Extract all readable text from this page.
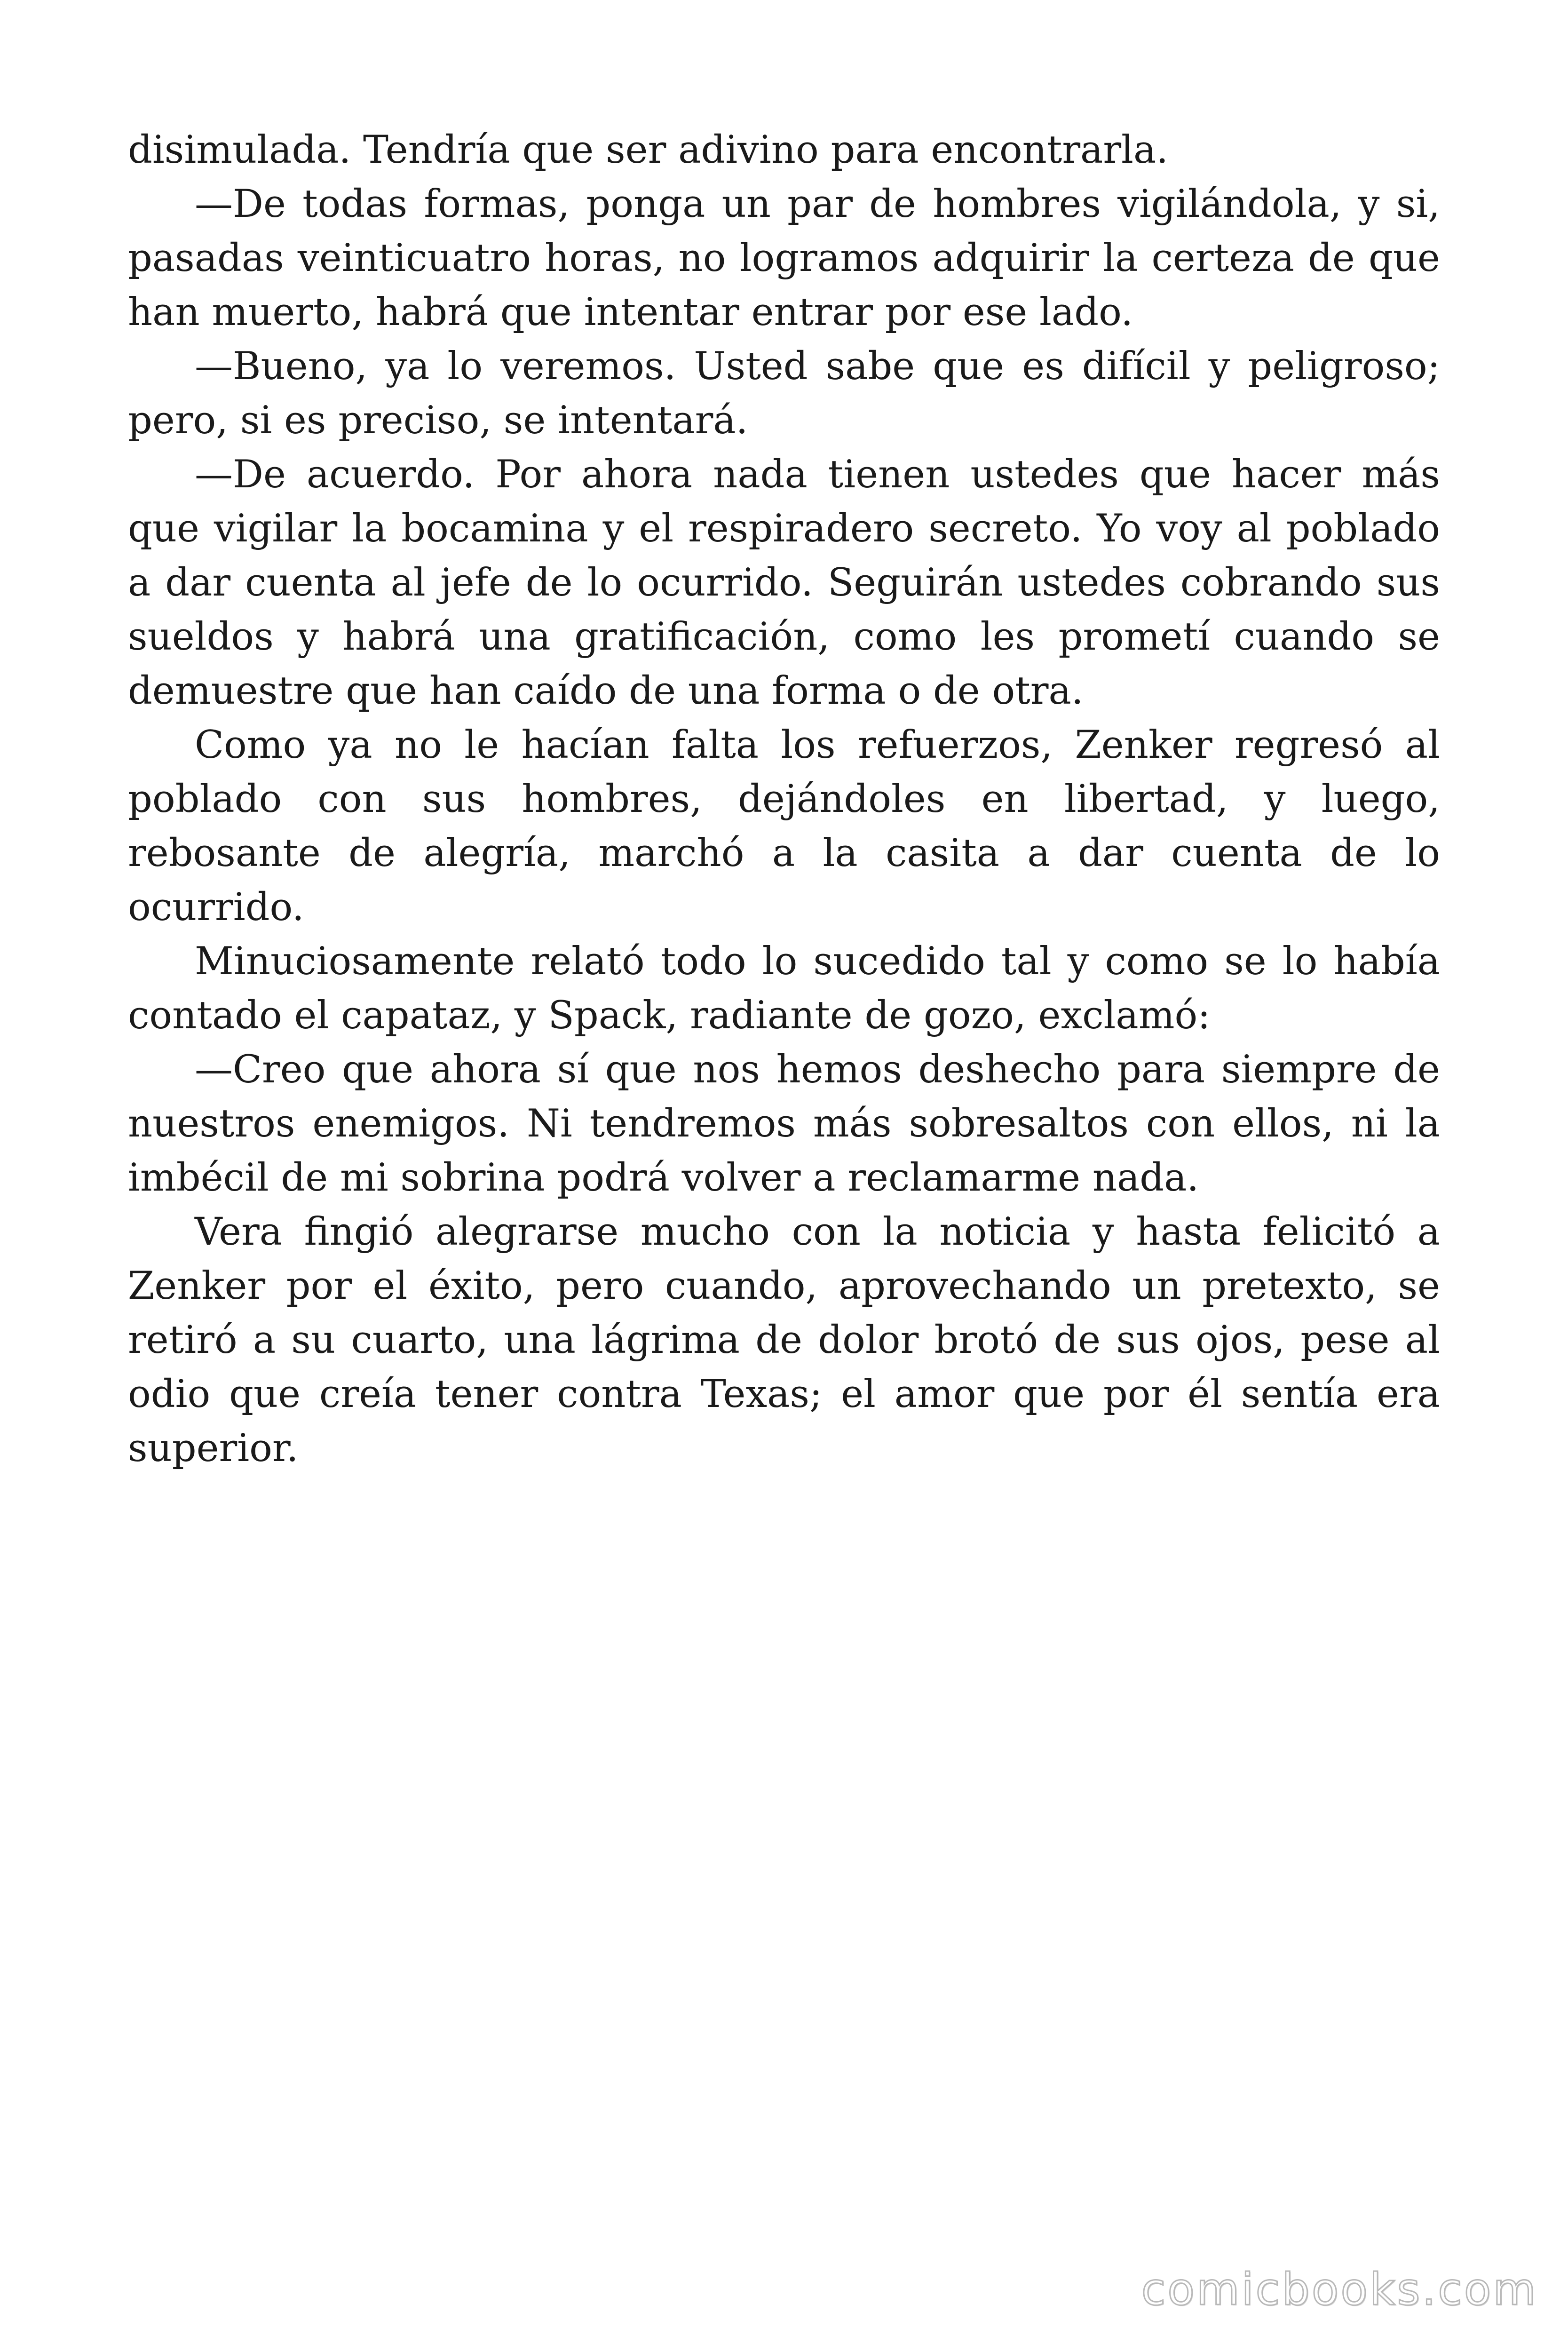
disimulada. Tendría que ser adivino para encontrarla.

—De todas formas, ponga un par de hombres vigilándola, y si, pasadas veinticuatro horas, no logramos adquirir la certeza de que han muerto, habrá que intentar entrar por ese lado.

—Bueno, ya lo veremos. Usted sabe que es difícil y peligroso; pero, si es preciso, se intentará.

—De acuerdo. Por ahora nada tienen ustedes que hacer más que vigilar la bocamina y el respiradero secreto. Yo voy al poblado a dar cuenta al jefe de lo ocurrido. Seguirán ustedes cobrando sus sueldos y habrá una gratificación, como les prometí cuando se demuestre que han caído de una forma o de otra.

Como ya no le hacían falta los refuerzos, Zenker regresó al poblado con sus hombres, dejándoles en libertad, y luego, rebosante de alegría, marchó a la casita a dar cuenta de lo ocurrido.

Minuciosamente relató todo lo sucedido tal y como se lo había contado el capataz, y Spack, radiante de gozo, exclamó:

—Creo que ahora sí que nos hemos deshecho para siempre de nuestros enemigos. Ni tendremos más sobresaltos con ellos, ni la imbécil de mi sobrina podrá volver a reclamarme nada.

Vera fingió alegrarse mucho con la noticia y hasta felicitó a Zenker por el éxito, pero cuando, aprovechando un pretexto, se retiró a su cuarto, una lágrima de dolor brotó de sus ojos, pese al odio que creía tener contra Texas; el amor que por él sentía era superior.

comicbooks.com
